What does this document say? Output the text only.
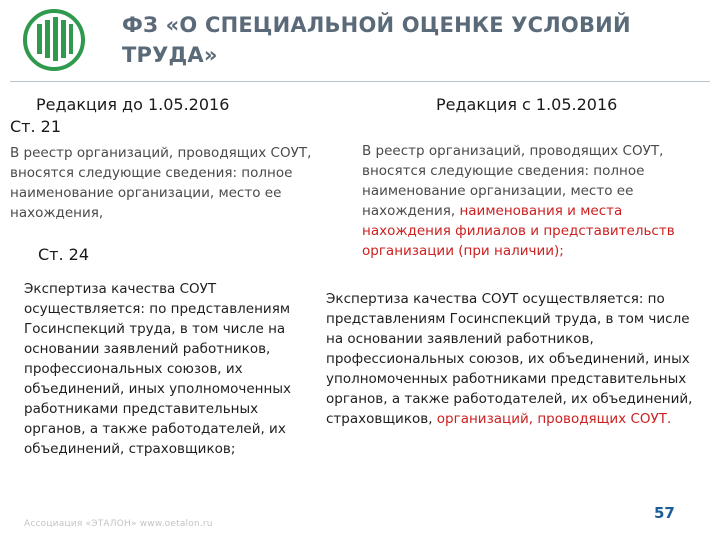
ФЗ «О СПЕЦИАЛЬНОЙ ОЦЕНКЕ УСЛОВИЙ ТРУДА»
Редакция до 1.05.2016	Редакция с 1.05.2016
Ст. 21
В реестр организаций, проводящих СОУТ, вносятся следующие сведения: полное наименование организации, место ее нахождения,
В реестр организаций, проводящих СОУТ, вносятся следующие сведения: полное наименование организации, место ее нахождения, наименования и места нахождения филиалов и представительств организации (при наличии);
Ст. 24
Экспертиза качества СОУТ осуществляется: по представлениям Госинспекций труда, в том числе на основании заявлений работников, профессиональных союзов, их объединений, иных уполномоченных работниками представительных органов, а также работодателей, их объединений, страховщиков;
Экспертиза качества СОУТ осуществляется: по представлениям Госинспекций труда, в том числе на основании заявлений работников, профессиональных союзов, их объединений, иных уполномоченных работниками представительных органов, а также работодателей, их объединений, страховщиков, организаций, проводящих СОУТ.
Ассоциация «ЭТАЛОН» www.oetalon.ru
57
